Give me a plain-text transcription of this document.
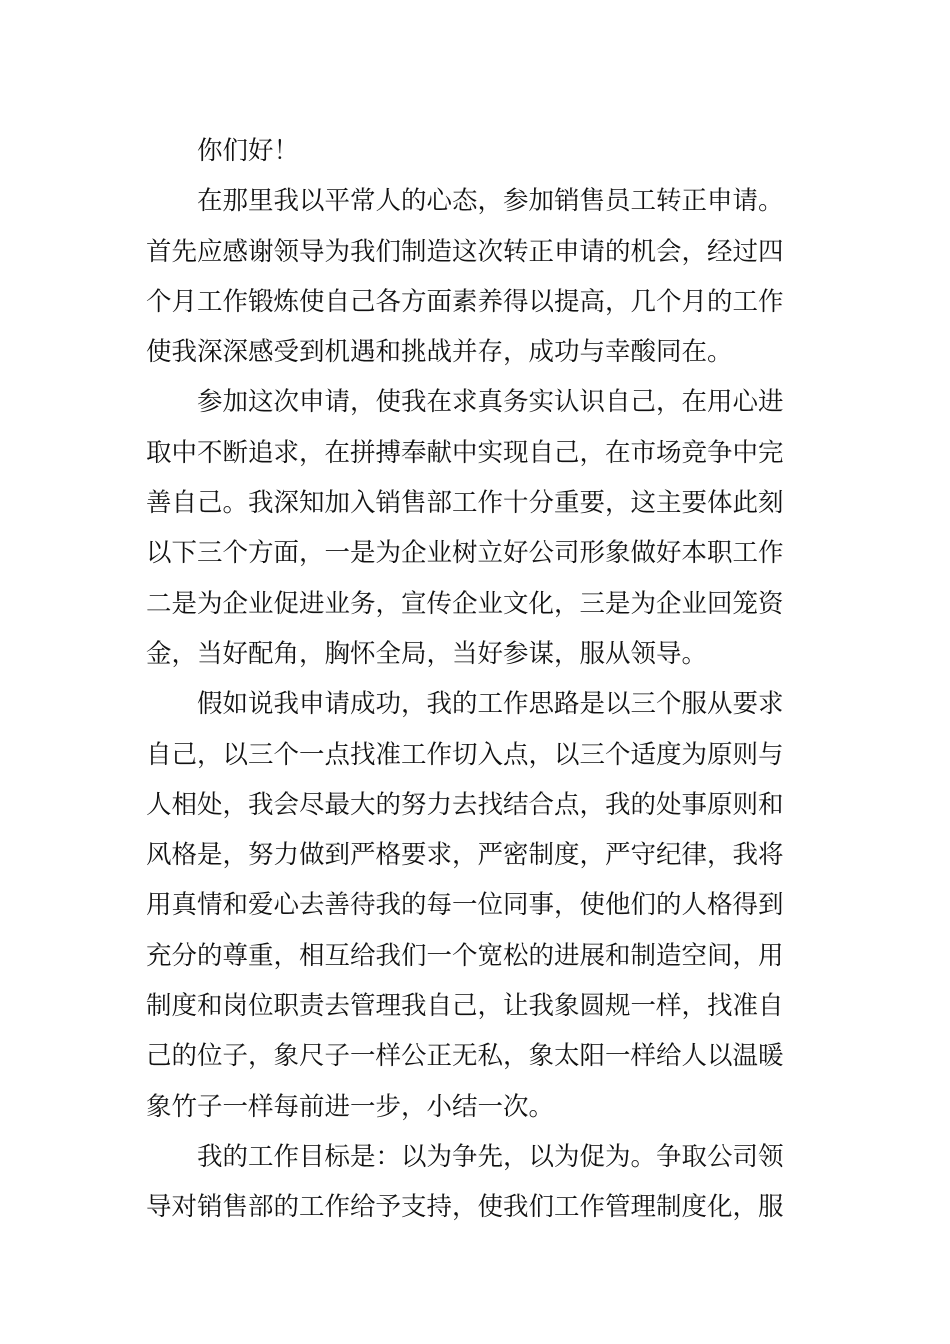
你们好！
在那里我以平常人的心态，参加销售员工转正申请。
首先应感谢领导为我们制造这次转正申请的机会，经过四
个月工作锻炼使自己各方面素养得以提高，几个月的工作
使我深深感受到机遇和挑战并存，成功与幸酸同在。
参加这次申请，使我在求真务实认识自己，在用心进
取中不断追求，在拼搏奉献中实现自己，在市场竞争中完
善自己。我深知加入销售部工作十分重要，这主要体此刻
以下三个方面，一是为企业树立好公司形象做好本职工作
二是为企业促进业务，宣传企业文化，三是为企业回笼资
金，当好配角，胸怀全局，当好参谋，服从领导。
假如说我申请成功，我的工作思路是以三个服从要求
自己，以三个一点找准工作切入点，以三个适度为原则与
人相处，我会尽最大的努力去找结合点，我的处事原则和
风格是，努力做到严格要求，严密制度，严守纪律，我将
用真情和爱心去善待我的每一位同事，使他们的人格得到
充分的尊重，相互给我们一个宽松的进展和制造空间，用
制度和岗位职责去管理我自己，让我象圆规一样，找准自
己的位子，象尺子一样公正无私，象太阳一样给人以温暖
象竹子一样每前进一步，小结一次。
我的工作目标是：以为争先，以为促为。争取公司领
导对销售部的工作给予支持，使我们工作管理制度化，服
